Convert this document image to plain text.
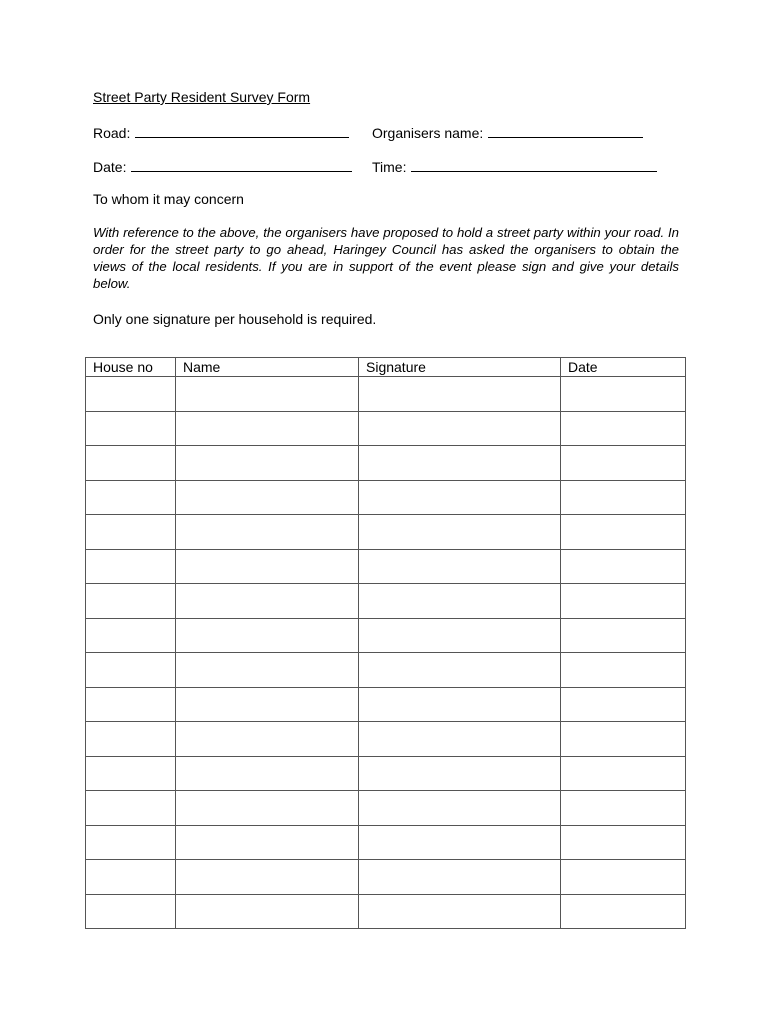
Street Party Resident Survey Form
Road:	Organisers name:
Date:	Time:
To whom it may concern
With reference to the above, the organisers have proposed to hold a street party within your road. In order for the street party to go ahead, Haringey Council has asked the organisers to obtain the views of the local residents. If you are in support of the event please sign and give your details below.
Only one signature per household is required.
House no	Name	Signature	Date
